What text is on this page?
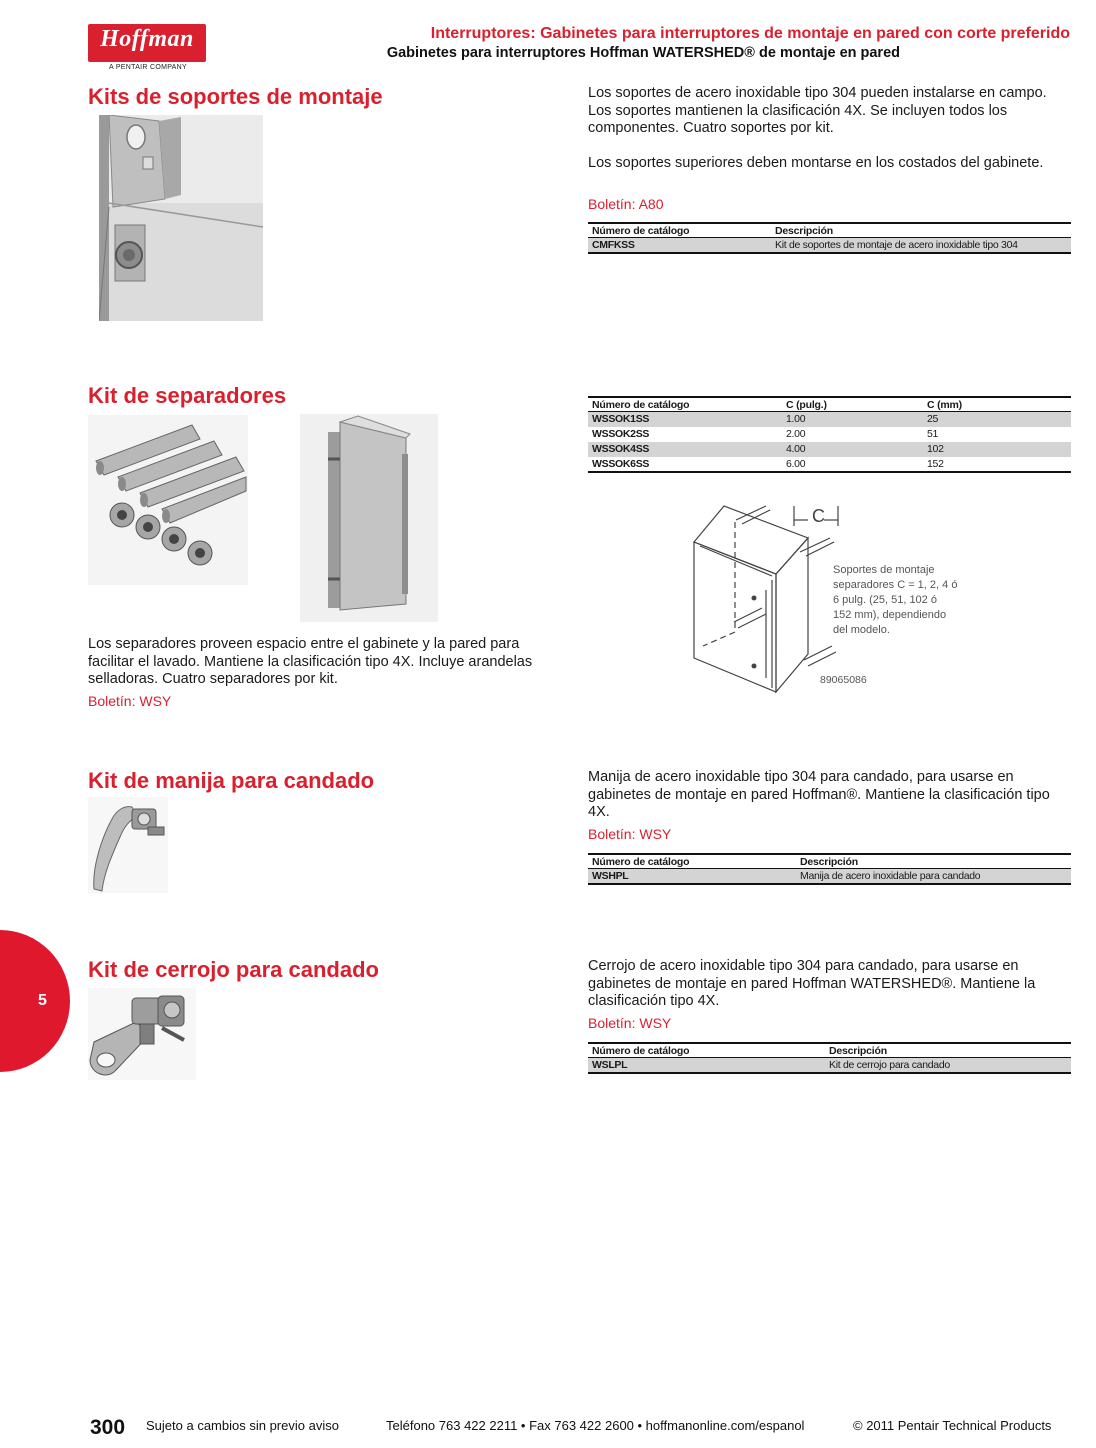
Hoffman
A PENTAIR COMPANY
Interruptores: Gabinetes para interruptores de montaje en pared con corte preferido
Gabinetes para interruptores Hoffman WATERSHED® de montaje en pared
Kits de soportes de montaje	Los soportes de acero inoxidable tipo 304 pueden instalarse en campo. Los soportes mantienen la clasificación 4X. Se incluyen todos los componentes. Cuatro soportes por kit.
Los soportes superiores deben montarse en los costados del gabinete.
Boletín: A80
Número de catálogo	Descripción
CMFKSS	Kit de soportes de montaje de acero inoxidable tipo 304
Kit de separadores
Los separadores proveen espacio entre el gabinete y la pared para facilitar el lavado. Mantiene la clasificación tipo 4X. Incluye arandelas selladoras. Cuatro separadores por kit.
Boletín: WSY
Número de catálogo	C (pulg.)	C (mm)
WSSOK1SS	1.00	25
WSSOK2SS	2.00	51
WSSOK4SS	4.00	102
WSSOK6SS	6.00	152
C
Soportes de montaje
separadores C = 1, 2, 4 ó
6 pulg. (25, 51, 102 ó
152 mm), dependiendo
del modelo.
89065086
Kit de manija para candado	Manija de acero inoxidable tipo 304 para candado, para usarse en gabinetes de montaje en pared Hoffman®. Mantiene la clasificación tipo 4X.
Boletín: WSY
Número de catálogo	Descripción
WSHPL	Manija de acero inoxidable para candado
5
Kit de cerrojo para candado	Cerrojo de acero inoxidable tipo 304 para candado, para usarse en gabinetes de montaje en pared Hoffman WATERSHED®. Mantiene la clasificación tipo 4X.
Boletín: WSY
Número de catálogo	Descripción
WSLPL	Kit de cerrojo para candado
300 Sujeto a cambios sin previo aviso	Teléfono 763 422 2211 • Fax 763 422 2600 • hoffmanonline.com/espanol	© 2011 Pentair Technical Products
